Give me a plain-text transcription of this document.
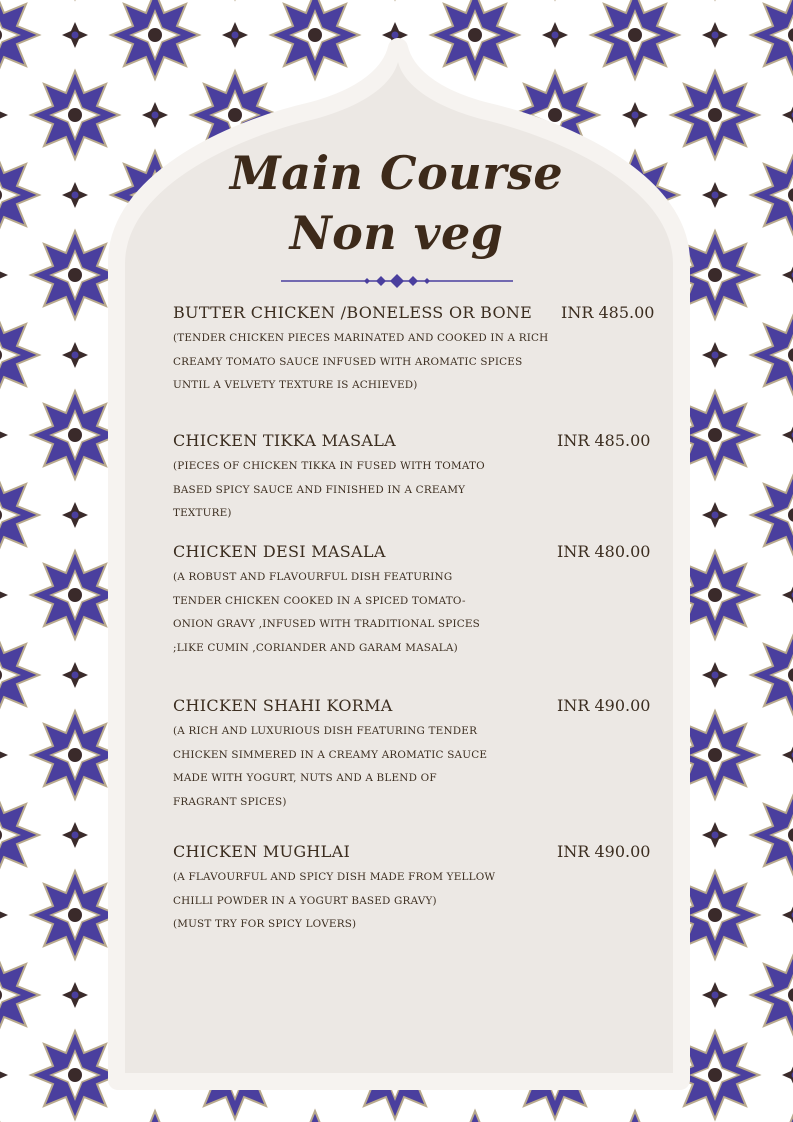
Main Course
Non veg
BUTTER CHICKEN /BONELESS OR BONE	INR 485.00
(TENDER CHICKEN PIECES MARINATED AND COOKED IN A RICH
CREAMY TOMATO SAUCE INFUSED WITH AROMATIC SPICES
UNTIL A VELVETY TEXTURE IS ACHIEVED)
CHICKEN TIKKA MASALA	INR 485.00
(PIECES OF CHICKEN TIKKA IN FUSED WITH TOMATO
BASED SPICY SAUCE AND FINISHED IN A CREAMY
TEXTURE)
CHICKEN DESI MASALA	INR 480.00
(A ROBUST AND FLAVOURFUL DISH FEATURING
TENDER CHICKEN COOKED IN A SPICED TOMATO-
ONION GRAVY ,INFUSED WITH TRADITIONAL SPICES
;LIKE CUMIN ,CORIANDER AND GARAM MASALA)
CHICKEN SHAHI KORMA	INR 490.00
(A RICH AND LUXURIOUS DISH FEATURING TENDER
CHICKEN SIMMERED IN A CREAMY AROMATIC SAUCE
MADE WITH YOGURT, NUTS AND A BLEND OF
FRAGRANT SPICES)
CHICKEN MUGHLAI	INR 490.00
(A FLAVOURFUL AND SPICY DISH MADE FROM YELLOW
CHILLI POWDER IN A YOGURT BASED GRAVY)
(MUST TRY FOR SPICY LOVERS)
